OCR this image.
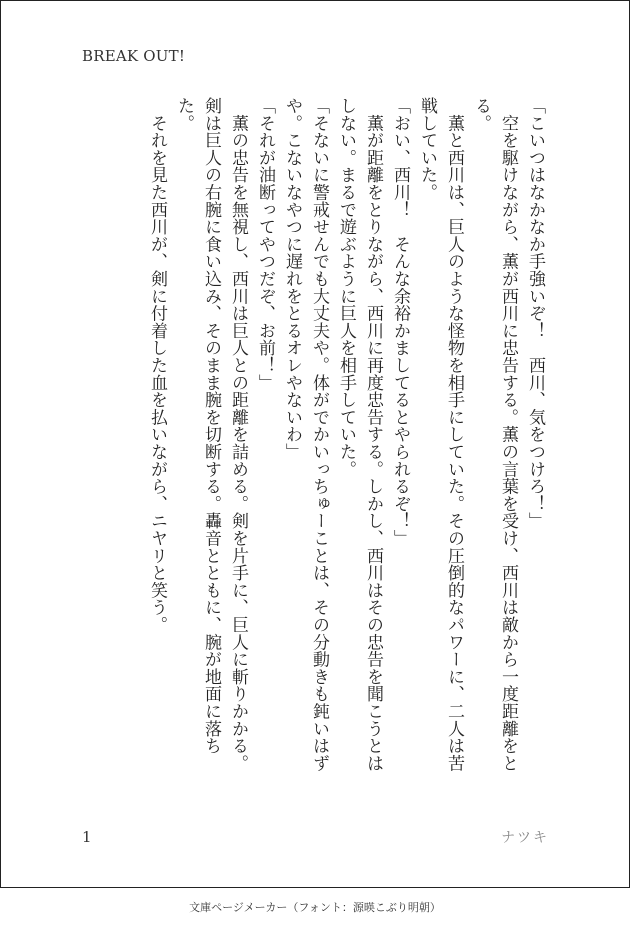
BREAK OUT!

「こいつはなかなか手強いぞ！　西川、気をつけろ！」

　空を駆けながら、薫が西川に忠告する。薫の言葉を受け、西川は敵から一度距離をとる。

　薫と西川は、巨人のような怪物を相手にしていた。その圧倒的なパワーに、二人は苦戦していた。

「おい、西川！　そんな余裕かましてるとやられるぞ！」

　薫が距離をとりながら、西川に再度忠告する。しかし、西川はその忠告を聞こうとはしない。まるで遊ぶように巨人を相手していた。

「そないに警戒せんでも大丈夫や。体がでかいっちゅーことは、その分動きも鈍いはずや。こないなやつに遅れをとるオレやないわ」

「それが油断ってやつだぞ、お前！」

　薫の忠告を無視し、西川は巨人との距離を詰める。剣を片手に、巨人に斬りかかる。剣は巨人の右腕に食い込み、そのまま腕を切断する。轟音とともに、腕が地面に落ちた。

　それを見た西川が、剣に付着した血を払いながら、ニヤリと笑う。

1	ナツキ
文庫ページメーカー（フォント：源暎こぶり明朝）
